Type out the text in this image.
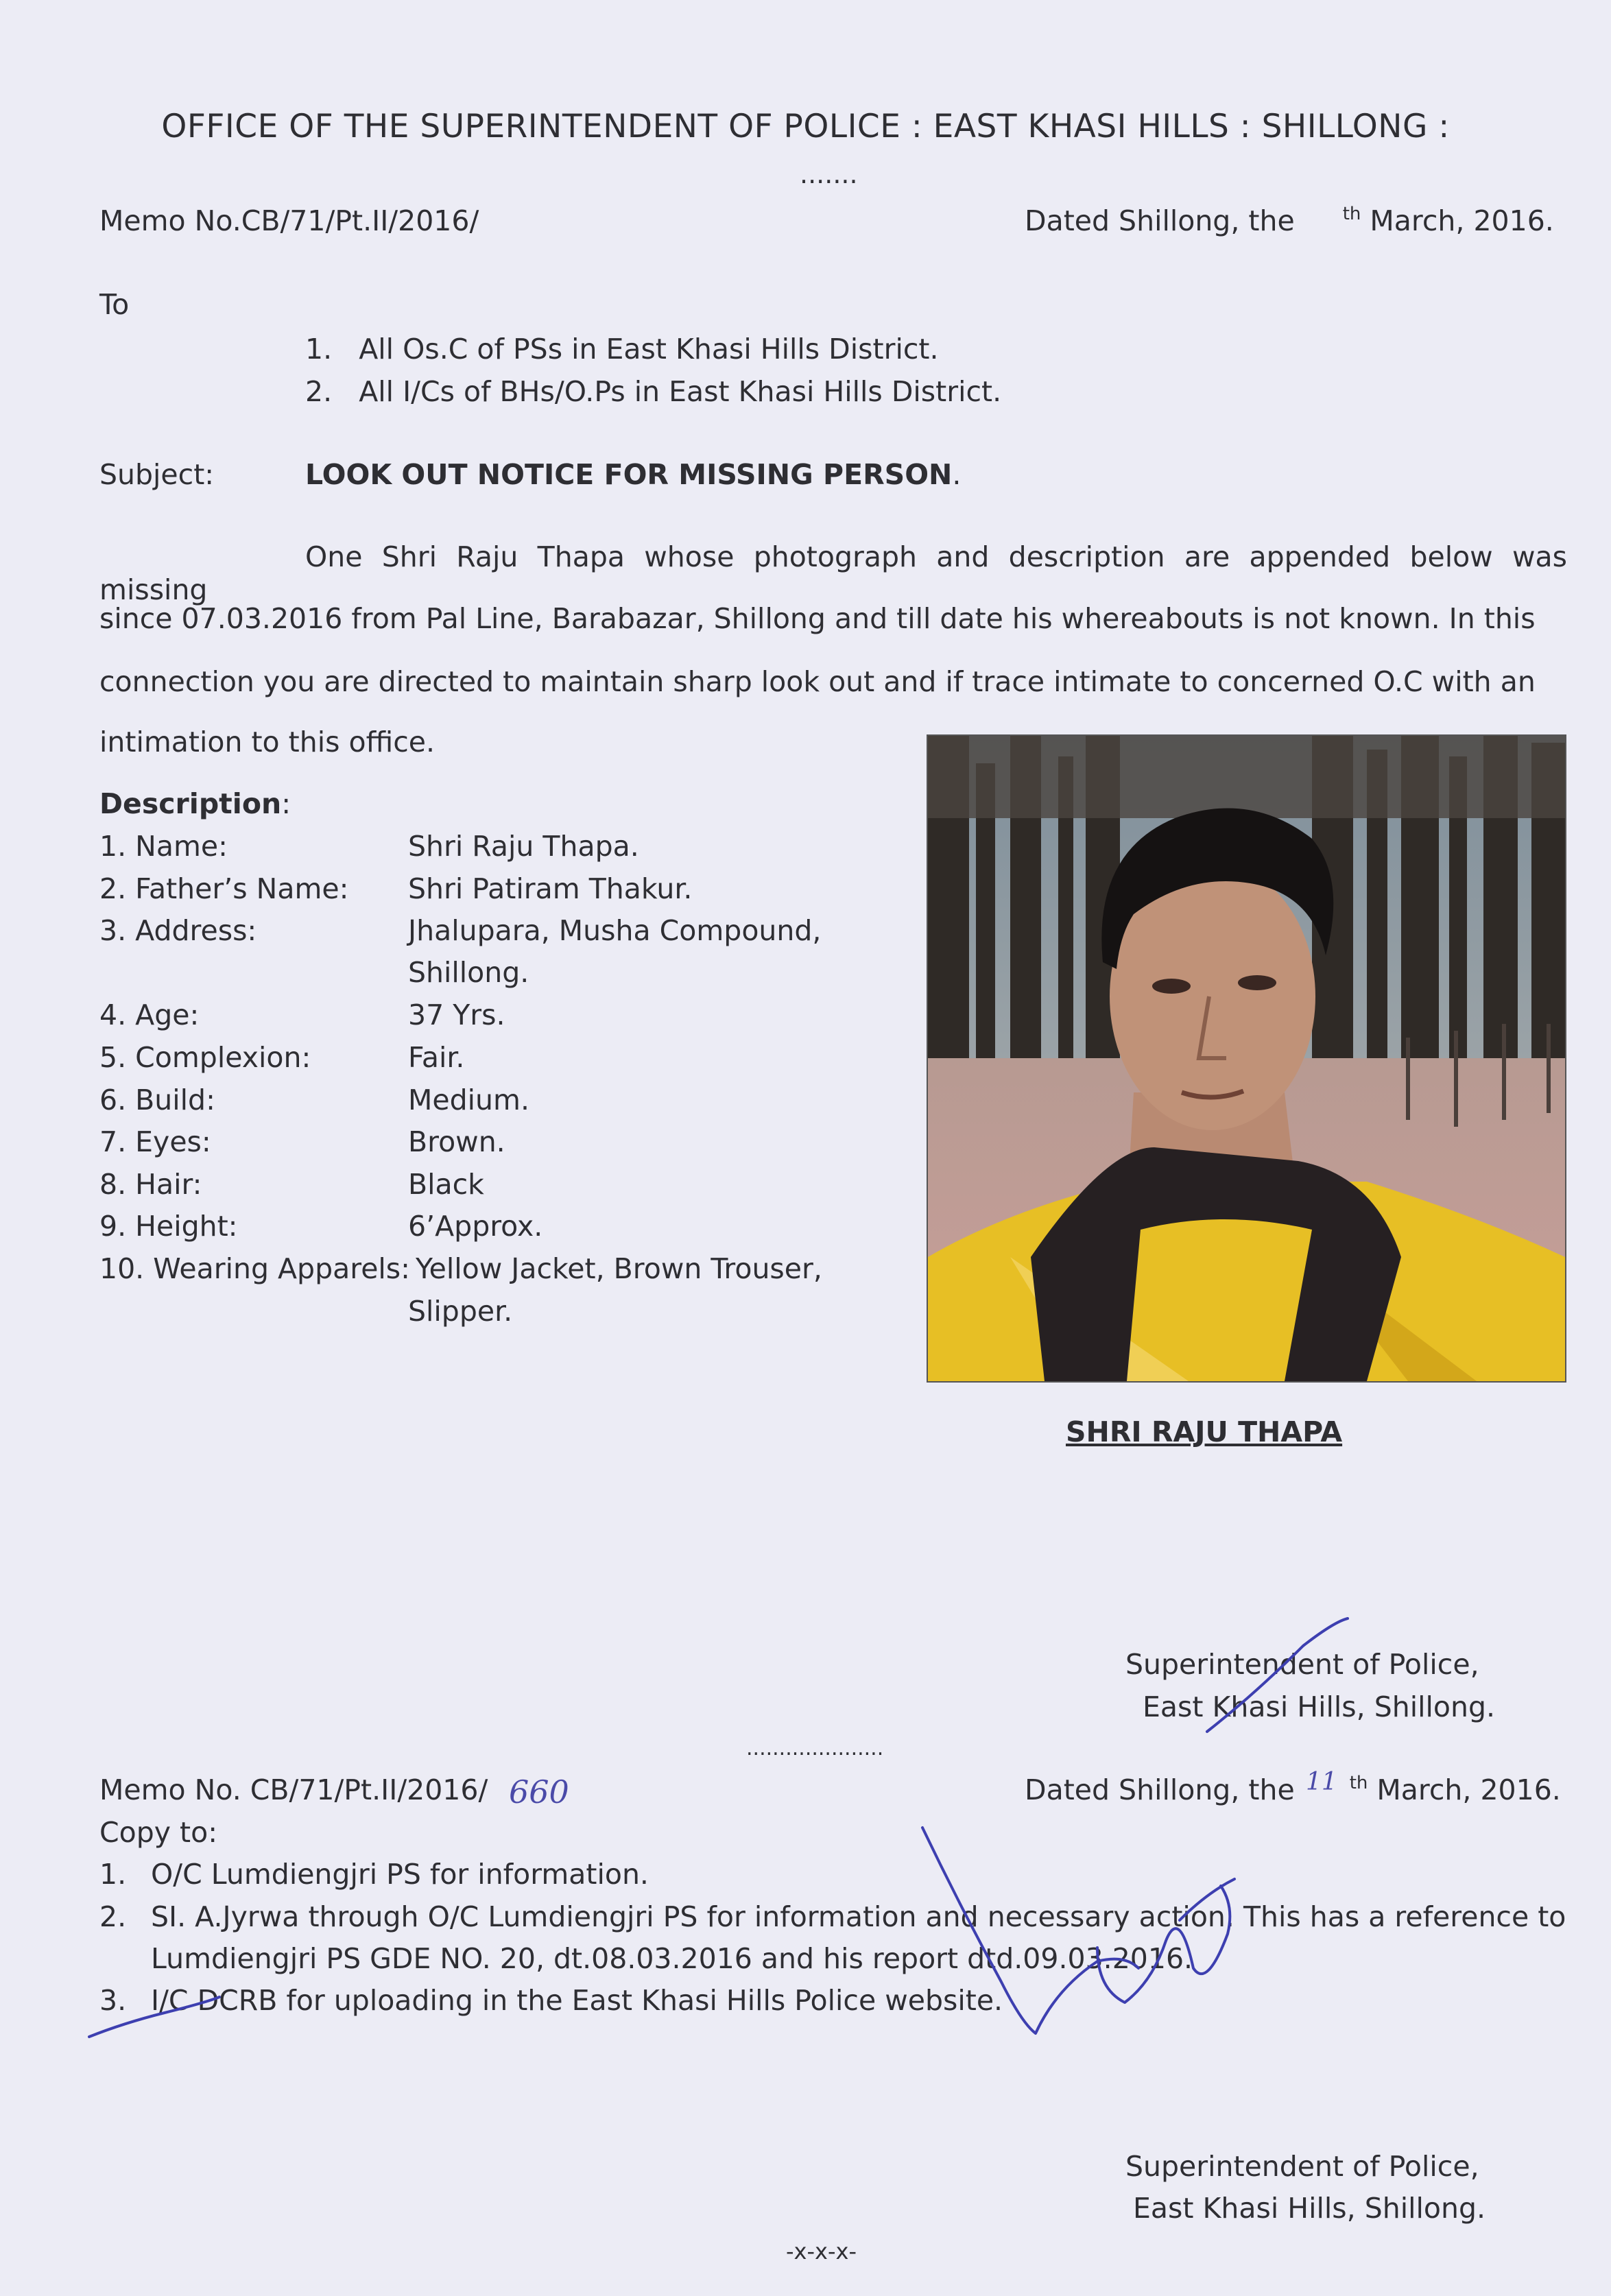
OFFICE OF THE SUPERINTENDENT OF POLICE : EAST KHASI HILLS : SHILLONG :
.......
Memo No.CB/71/Pt.II/2016/	Dated Shillong, the	$^{th}$ March, 2016.
To
1.   All Os.C of PSs in East Khasi Hills District.
2.   All I/Cs of BHs/O.Ps in East Khasi Hills District.
Subject:	LOOK OUT NOTICE FOR MISSING PERSON.
One Shri Raju Thapa whose photograph and description are appended below was missing
since 07.03.2016 from Pal Line, Barabazar, Shillong and till date his whereabouts is not known. In this
connection you are directed to maintain sharp look out and if trace intimate to concerned O.C with an
intimation to this office.
Description:
1. Name:	Shri Raju Thapa.
2. Father’s Name: Shri Patiram Thakur.
3. Address:	Jhalupara, Musha Compound,
Shillong.
4. Age:	37 Yrs.
5. Complexion:	Fair.
6. Build:	Medium.
7. Eyes:	Brown.
8. Hair:	Black
9. Height:	6’Approx.
10. Wearing Apparels: Yellow Jacket, Brown Trouser,
Slipper.
SHRI RAJU THAPA
Superintendent of Police,
East Khasi Hills, Shillong.
.....................
Memo No. CB/71/Pt.II/2016/ 660	Dated Shillong, the	$^{th}$ March, 2016.
11
Copy to:
1. O/C Lumdiengjri PS for information.
2. SI. A.Jyrwa through O/C Lumdiengjri PS for information and necessary action. This has a reference to
Lumdiengjri PS GDE NO. 20, dt.08.03.2016 and his report dtd.09.03.2016.
3. I/C DCRB for uploading in the East Khasi Hills Police website.
Superintendent of Police,
East Khasi Hills, Shillong.
-x-x-x-
